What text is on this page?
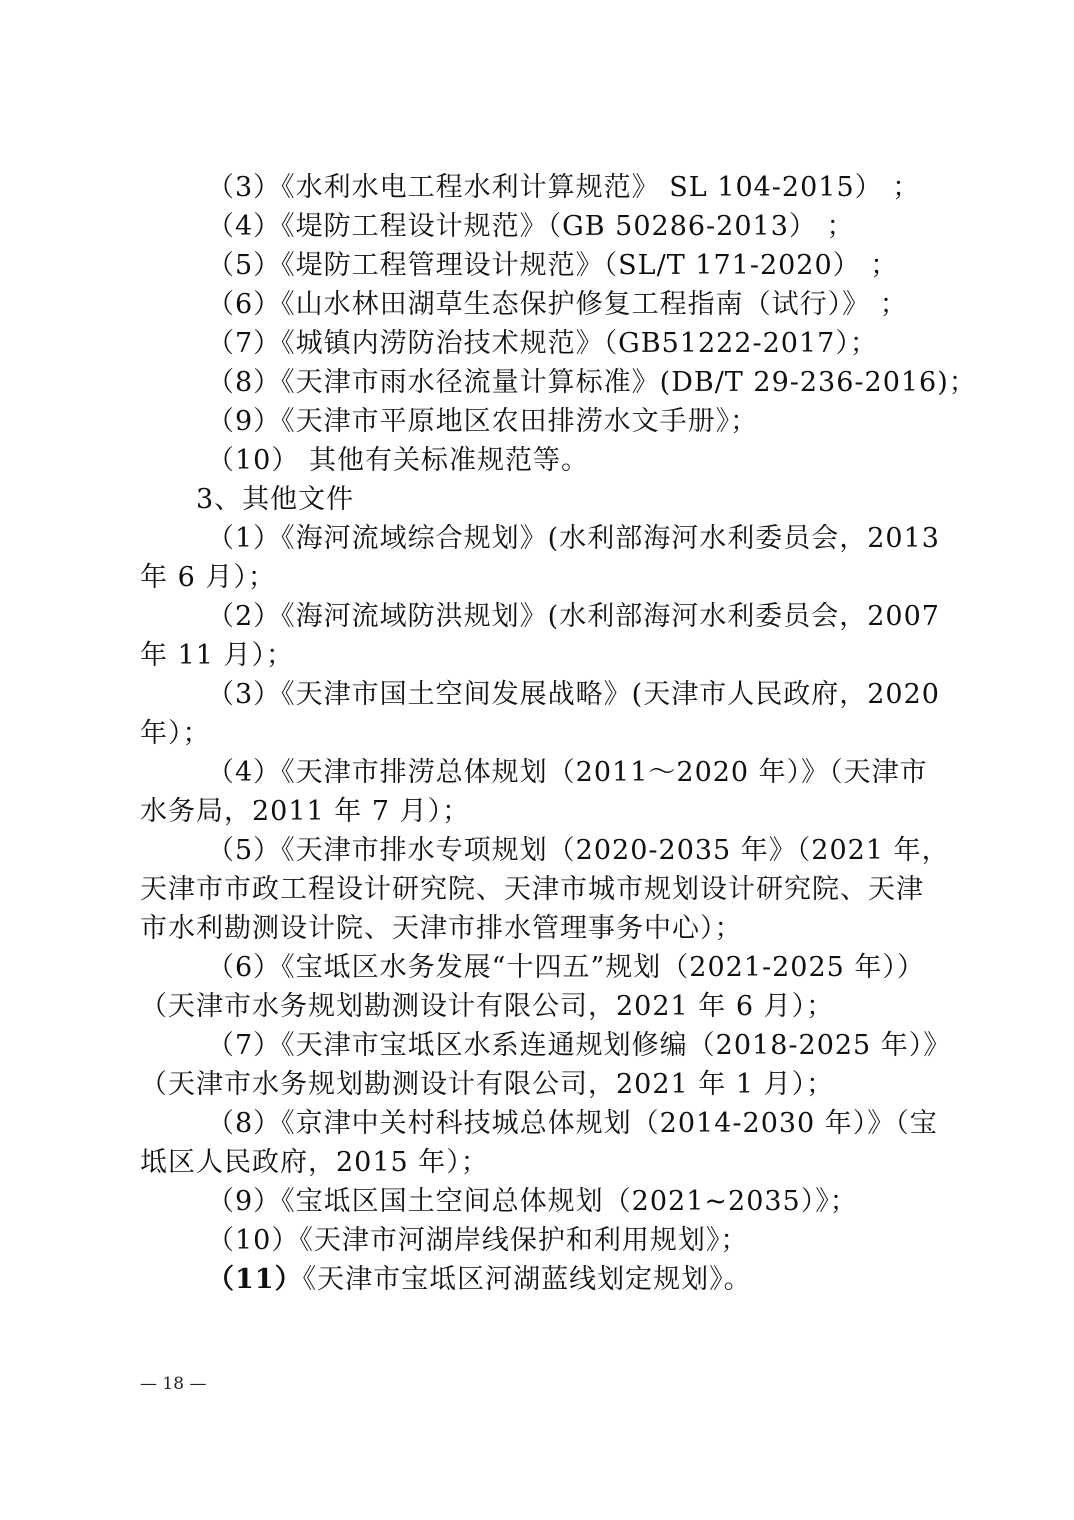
（3）《水利水电工程水利计算规范》 SL 104-2015） ；
（4）《堤防工程设计规范》（GB 50286-2013） ；
（5）《堤防工程管理设计规范》（SL/T 171-2020） ；
（6）《山水林田湖草生态保护修复工程指南（试行）》 ；
（7）《城镇内涝防治技术规范》（GB51222-2017）；
（8）《天津市雨水径流量计算标准》(DB/T 29-236-2016)；
（9）《天津市平原地区农田排涝水文手册》；
（10） 其他有关标准规范等。
3、其他文件
（1）《海河流域综合规划》(水利部海河水利委员会，2013
年 6 月）；
（2）《海河流域防洪规划》(水利部海河水利委员会，2007
年 11 月）；
（3）《天津市国土空间发展战略》(天津市人民政府，2020
年）；
（4）《天津市排涝总体规划（2011～2020 年）》（天津市
水务局，2011 年 7 月）；
（5）《天津市排水专项规划（2020-2035 年》（2021 年，
天津市市政工程设计研究院、天津市城市规划设计研究院、天津
市水利勘测设计院、天津市排水管理事务中心）；
（6）《宝坻区水务发展“十四五”规划（2021-2025 年））
（天津市水务规划勘测设计有限公司，2021 年 6 月）；
（7）《天津市宝坻区水系连通规划修编（2018-2025 年）》
（天津市水务规划勘测设计有限公司，2021 年 1 月）；
（8）《京津中关村科技城总体规划（2014-2030 年）》（宝
坻区人民政府，2015 年）；
（9）《宝坻区国土空间总体规划（2021~2035）》；
（10）《天津市河湖岸线保护和利用规划》；
（11）《天津市宝坻区河湖蓝线划定规划》。
— 18 —
